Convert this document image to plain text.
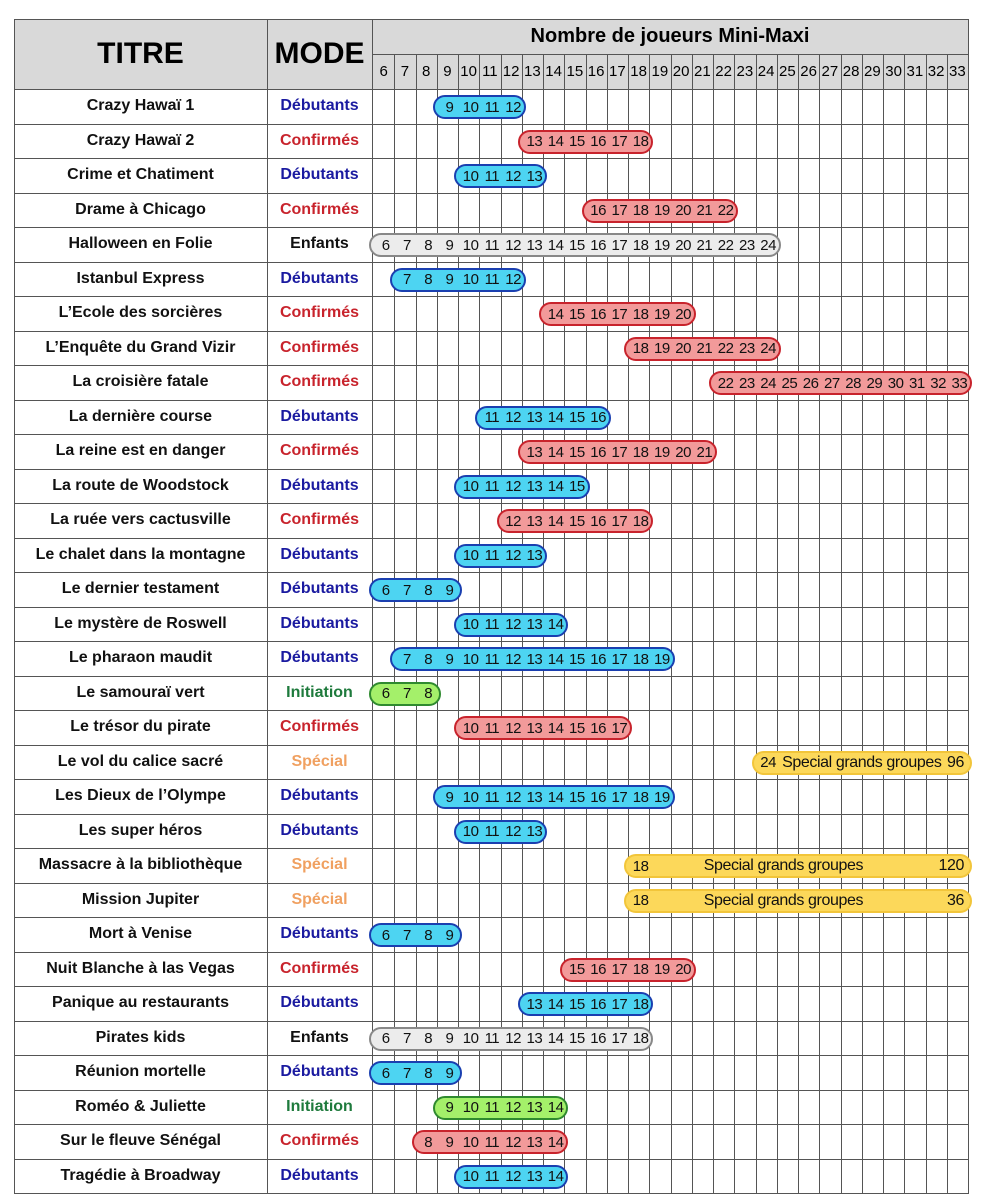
TITRE	MODE
Nombre de joueurs Mini-Maxi
6 7 8 9 10 11 12 13 14 15 16 17 18 19 20 21 22 23 24 25 26 27 28 29 30 31 32 33
Crazy Hawaï 1	Débutants	9 10 11 12
Crazy Hawaï 2	Confirmés	13 14 15 16 17 18
Crime et Chatiment	Débutants	10 11 12 13
Drame à Chicago	Confirmés	16 17 18 19 20 21 22
Halloween en Folie	Enfants	6 7 8 9 10 11 12 13 14 15 16 17 18 19 20 21 22 23 24
Istanbul Express	Débutants	7 8 9 10 11 12
L’Ecole des sorcières	Confirmés	14 15 16 17 18 19 20
L’Enquête du Grand Vizir	Confirmés	18 19 20 21 22 23 24
La croisière fatale	Confirmés	22 23 24 25 26 27 28 29 30 31 32 33
La dernière course	Débutants	11 12 13 14 15 16
La reine est en danger	Confirmés	13 14 15 16 17 18 19 20 21
La route de Woodstock	Débutants	10 11 12 13 14 15
La ruée vers cactusville	Confirmés	12 13 14 15 16 17 18
Le chalet dans la montagne	Débutants	10 11 12 13
Le dernier testament	Débutants	6 7 8 9
Le mystère de Roswell	Débutants	10 11 12 13 14
Le pharaon maudit	Débutants	7 8 9 10 11 12 13 14 15 16 17 18 19
Le samouraï vert	Initiation	6 7 8
Le trésor du pirate	Confirmés	10 11 12 13 14 15 16 17
Le vol du calice sacré	Spécial	24	96
Special grands groupes
Les Dieux de l’Olympe	Débutants	9 10 11 12 13 14 15 16 17 18 19
Les super héros	Débutants	10 11 12 13
Massacre à la bibliothèque	Spécial	18	120
Special grands groupes
Mission Jupiter	Spécial	18	36
Special grands groupes
Mort à Venise	Débutants	6 7 8 9
Nuit Blanche à las Vegas	Confirmés	15 16 17 18 19 20
Panique au restaurants	Débutants	13 14 15 16 17 18
Pirates kids	Enfants	6 7 8 9 10 11 12 13 14 15 16 17 18
Réunion mortelle	Débutants	6 7 8 9
Roméo & Juliette	Initiation	9 10 11 12 13 14
Sur le fleuve Sénégal	Confirmés	8 9 10 11 12 13 14
Tragédie à Broadway	Débutants	10 11 12 13 14
